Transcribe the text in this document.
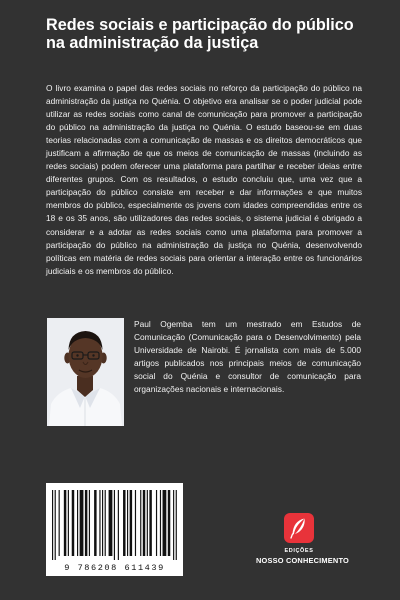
Redes sociais e participação do público na administração da justiça

O livro examina o papel das redes sociais no reforço da participação do público na administração da justiça no Quénia. O objetivo era analisar se o poder judicial pode utilizar as redes sociais como canal de comunicação para promover a participação do público na administração da justiça no Quénia. O estudo baseou-se em duas teorias relacionadas com a comunicação de massas e os direitos democráticos que justificam a afirmação de que os meios de comunicação de massas (incluindo as redes sociais) podem oferecer uma plataforma para partilhar e receber ideias entre diferentes grupos. Com os resultados, o estudo concluiu que, uma vez que a participação do público consiste em receber e dar informações e que muitos membros do público, especialmente os jovens com idades compreendidas entre os 18 e os 35 anos, são utilizadores das redes sociais, o sistema judicial é obrigado a considerar e a adotar as redes sociais como uma plataforma para promover a participação do público na administração da justiça no Quénia, desenvolvendo políticas em matéria de redes sociais para orientar a interação entre os funcionários judiciais e os membros do público.

Paul Ogemba tem um mestrado em Estudos de Comunicação (Comunicação para o Desenvolvimento) pela Universidade de Nairobi. É jornalista com mais de 5.000 artigos publicados nos principais meios de comunicação social do Quénia e consultor de comunicação para organizações nacionais e internacionais.

9 786208 611439
EDIÇÕES
NOSSO CONHECIMENTO
